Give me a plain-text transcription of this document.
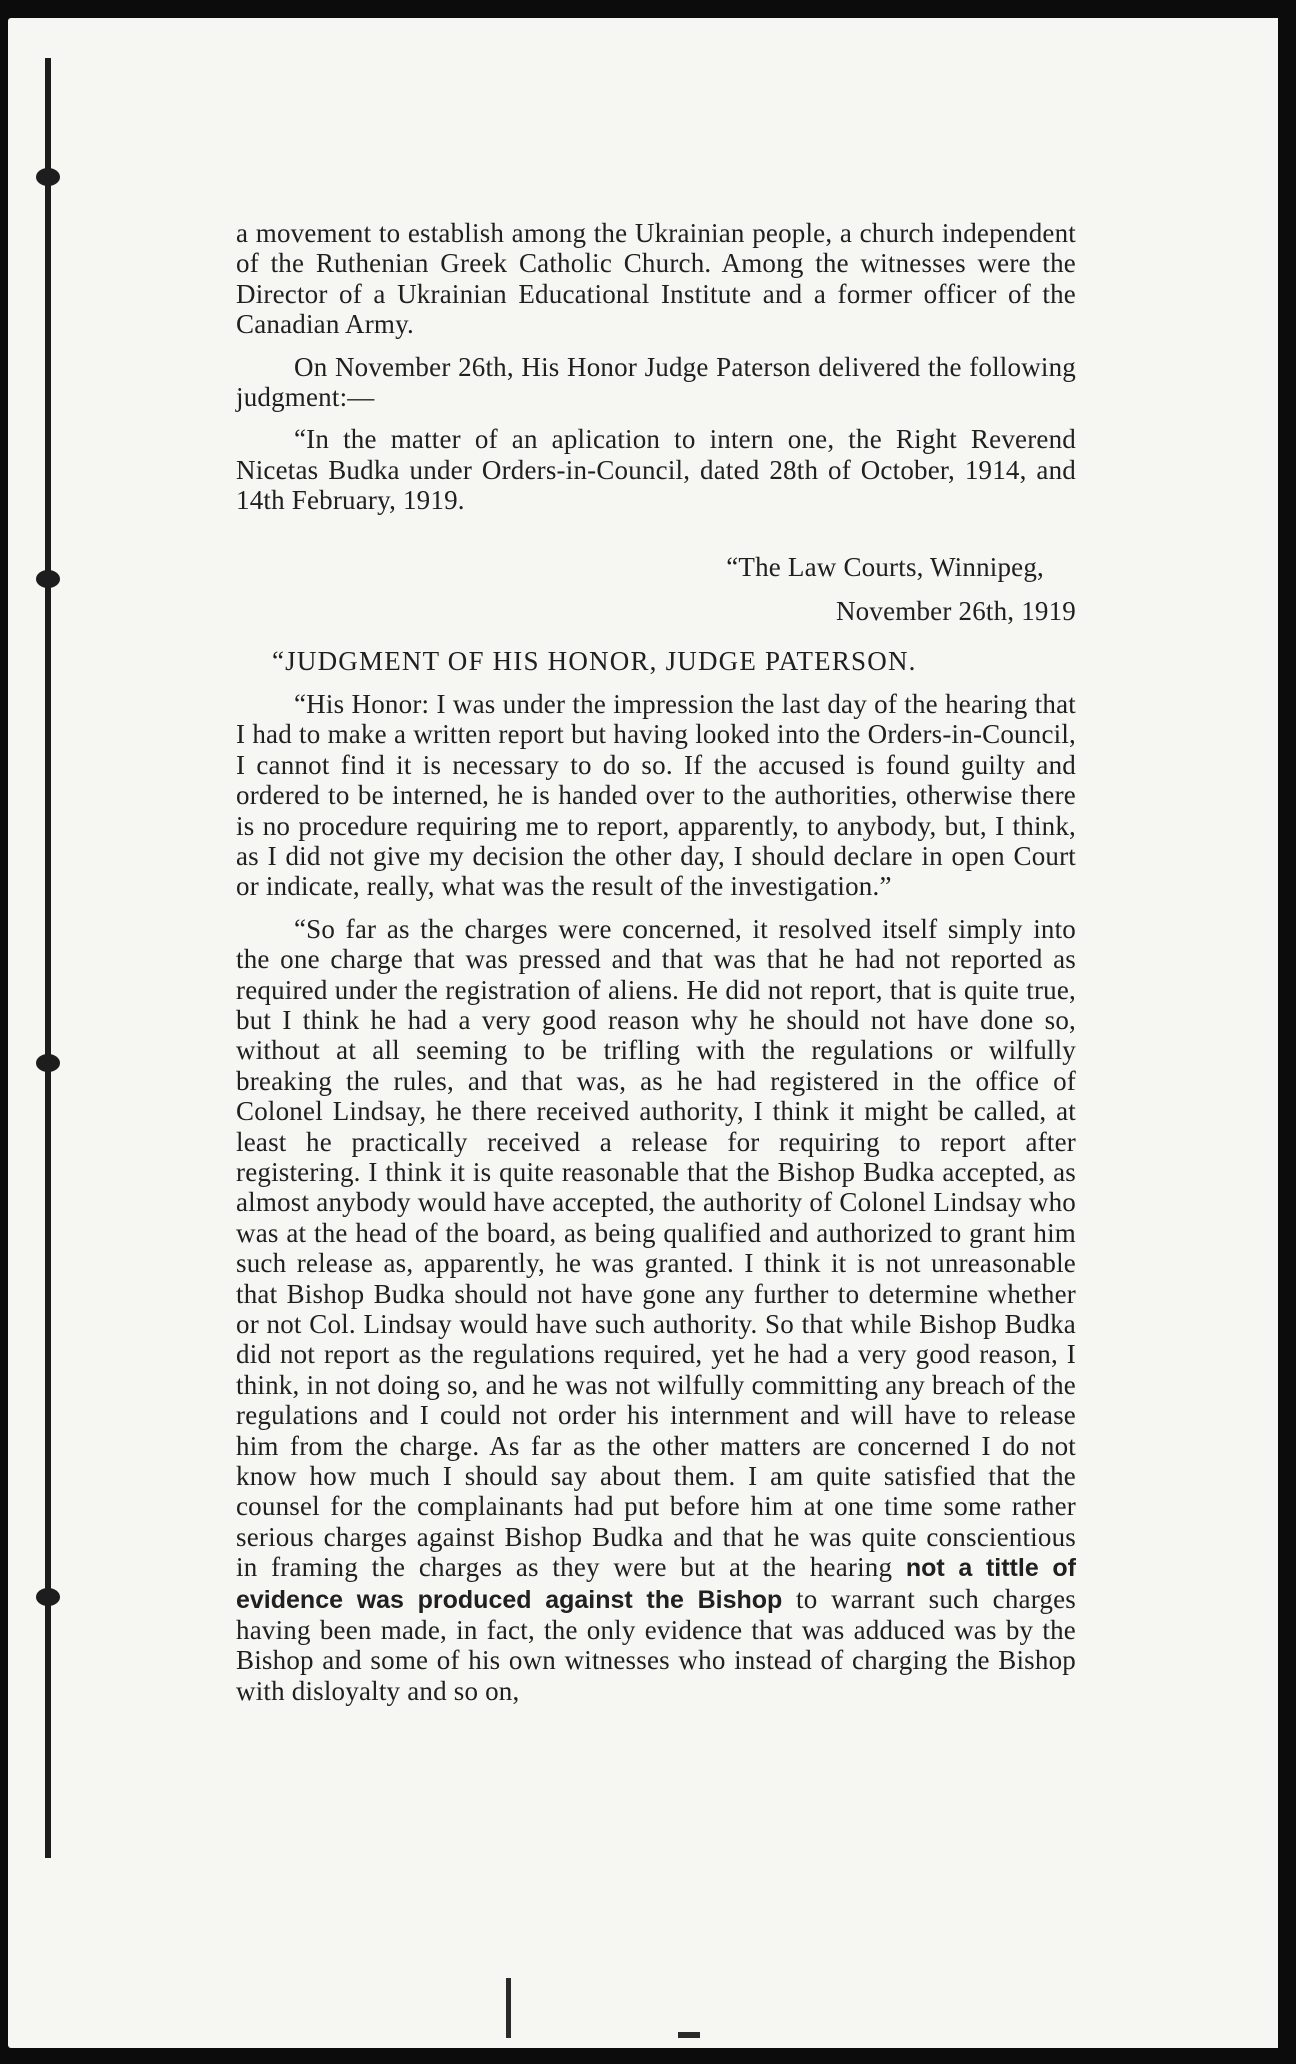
a movement to establish among the Ukrainian people, a church independent of the Ruthenian Greek Catholic Church. Among the witnesses were the Director of a Ukrainian Educational Institute and a former officer of the Canadian Army.

On November 26th, His Honor Judge Paterson delivered the following judgment:—

“In the matter of an aplication to intern one, the Right Reverend Nicetas Budka under Orders-in-Council, dated 28th of October, 1914, and 14th February, 1919.

“The Law Courts, Winnipeg,

November 26th, 1919

“JUDGMENT OF HIS HONOR, JUDGE PATERSON.

“His Honor: I was under the impression the last day of the hearing that I had to make a written report but having looked into the Orders-in-Council, I cannot find it is necessary to do so. If the accused is found guilty and ordered to be interned, he is handed over to the authorities, otherwise there is no procedure requiring me to report, apparently, to anybody, but, I think, as I did not give my decision the other day, I should declare in open Court or indicate, really, what was the result of the investigation.”

“So far as the charges were concerned, it resolved itself simply into the one charge that was pressed and that was that he had not reported as required under the registration of aliens. He did not report, that is quite true, but I think he had a very good reason why he should not have done so, without at all seeming to be trifling with the regulations or wilfully breaking the rules, and that was, as he had registered in the office of Colonel Lindsay, he there received authority, I think it might be called, at least he practically received a release for requiring to report after registering. I think it is quite reasonable that the Bishop Budka accepted, as almost anybody would have accepted, the authority of Colonel Lindsay who was at the head of the board, as being qualified and authorized to grant him such release as, apparently, he was granted. I think it is not unreasonable that Bishop Budka should not have gone any further to determine whether or not Col. Lindsay would have such authority. So that while Bishop Budka did not report as the regulations required, yet he had a very good reason, I think, in not doing so, and he was not wilfully committing any breach of the regulations and I could not order his internment and will have to release him from the charge. As far as the other matters are concerned I do not know how much I should say about them. I am quite satisfied that the counsel for the complainants had put before him at one time some rather serious charges against Bishop Budka and that he was quite conscientious in framing the charges as they were but at the hearing not a tittle of evidence was produced against the Bishop to warrant such charges having been made, in fact, the only evidence that was adduced was by the Bishop and some of his own witnesses who instead of charging the Bishop with disloyalty and so on,
